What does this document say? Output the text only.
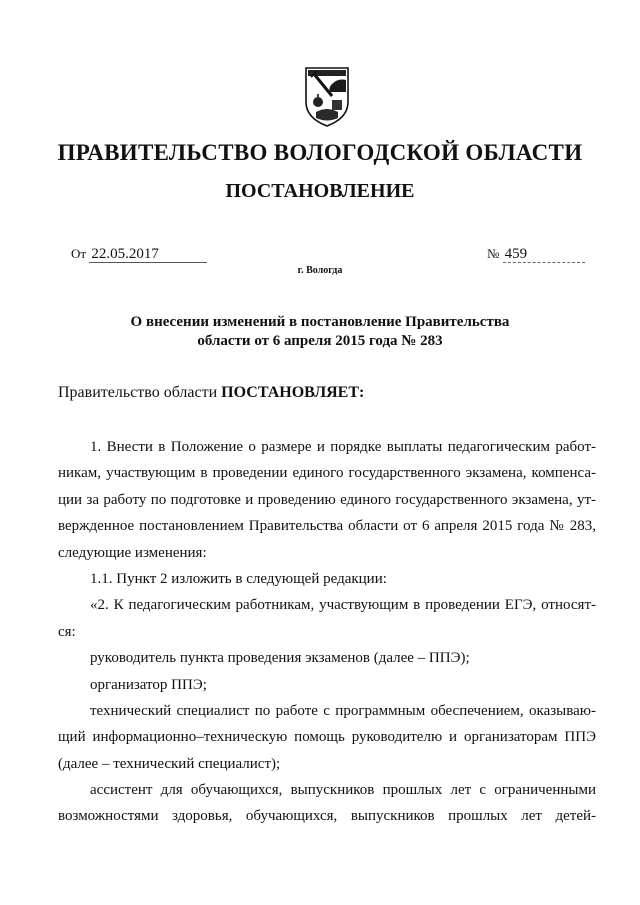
ПРАВИТЕЛЬСТВО ВОЛОГОДСКОЙ ОБЛАСТИ
ПОСТАНОВЛЕНИЕ
От 22.05.2017	№ 459
г. Вологда
О внесении изменений в постановление Правительства
области от 6 апреля 2015 года № 283
Правительство области ПОСТАНОВЛЯЕТ:
1. Внести в Положение о размере и порядке выплаты педагогическим работ-
никам, участвующим в проведении единого государственного экзамена, компенса-
ции за работу по подготовке и проведению единого государственного экзамена, ут-
вержденное постановлением Правительства области от 6 апреля 2015 года № 283,
следующие изменения:
1.1. Пункт 2 изложить в следующей редакции:
«2. К педагогическим работникам, участвующим в проведении ЕГЭ, относят-
ся:
руководитель пункта проведения экзаменов (далее – ППЭ);
организатор ППЭ;
технический специалист по работе с программным обеспечением, оказываю-
щий информационно–техническую помощь руководителю и организаторам ППЭ
(далее – технический специалист);
ассистент для обучающихся, выпускников прошлых лет с ограниченными
возможностями здоровья, обучающихся, выпускников прошлых лет детей-
